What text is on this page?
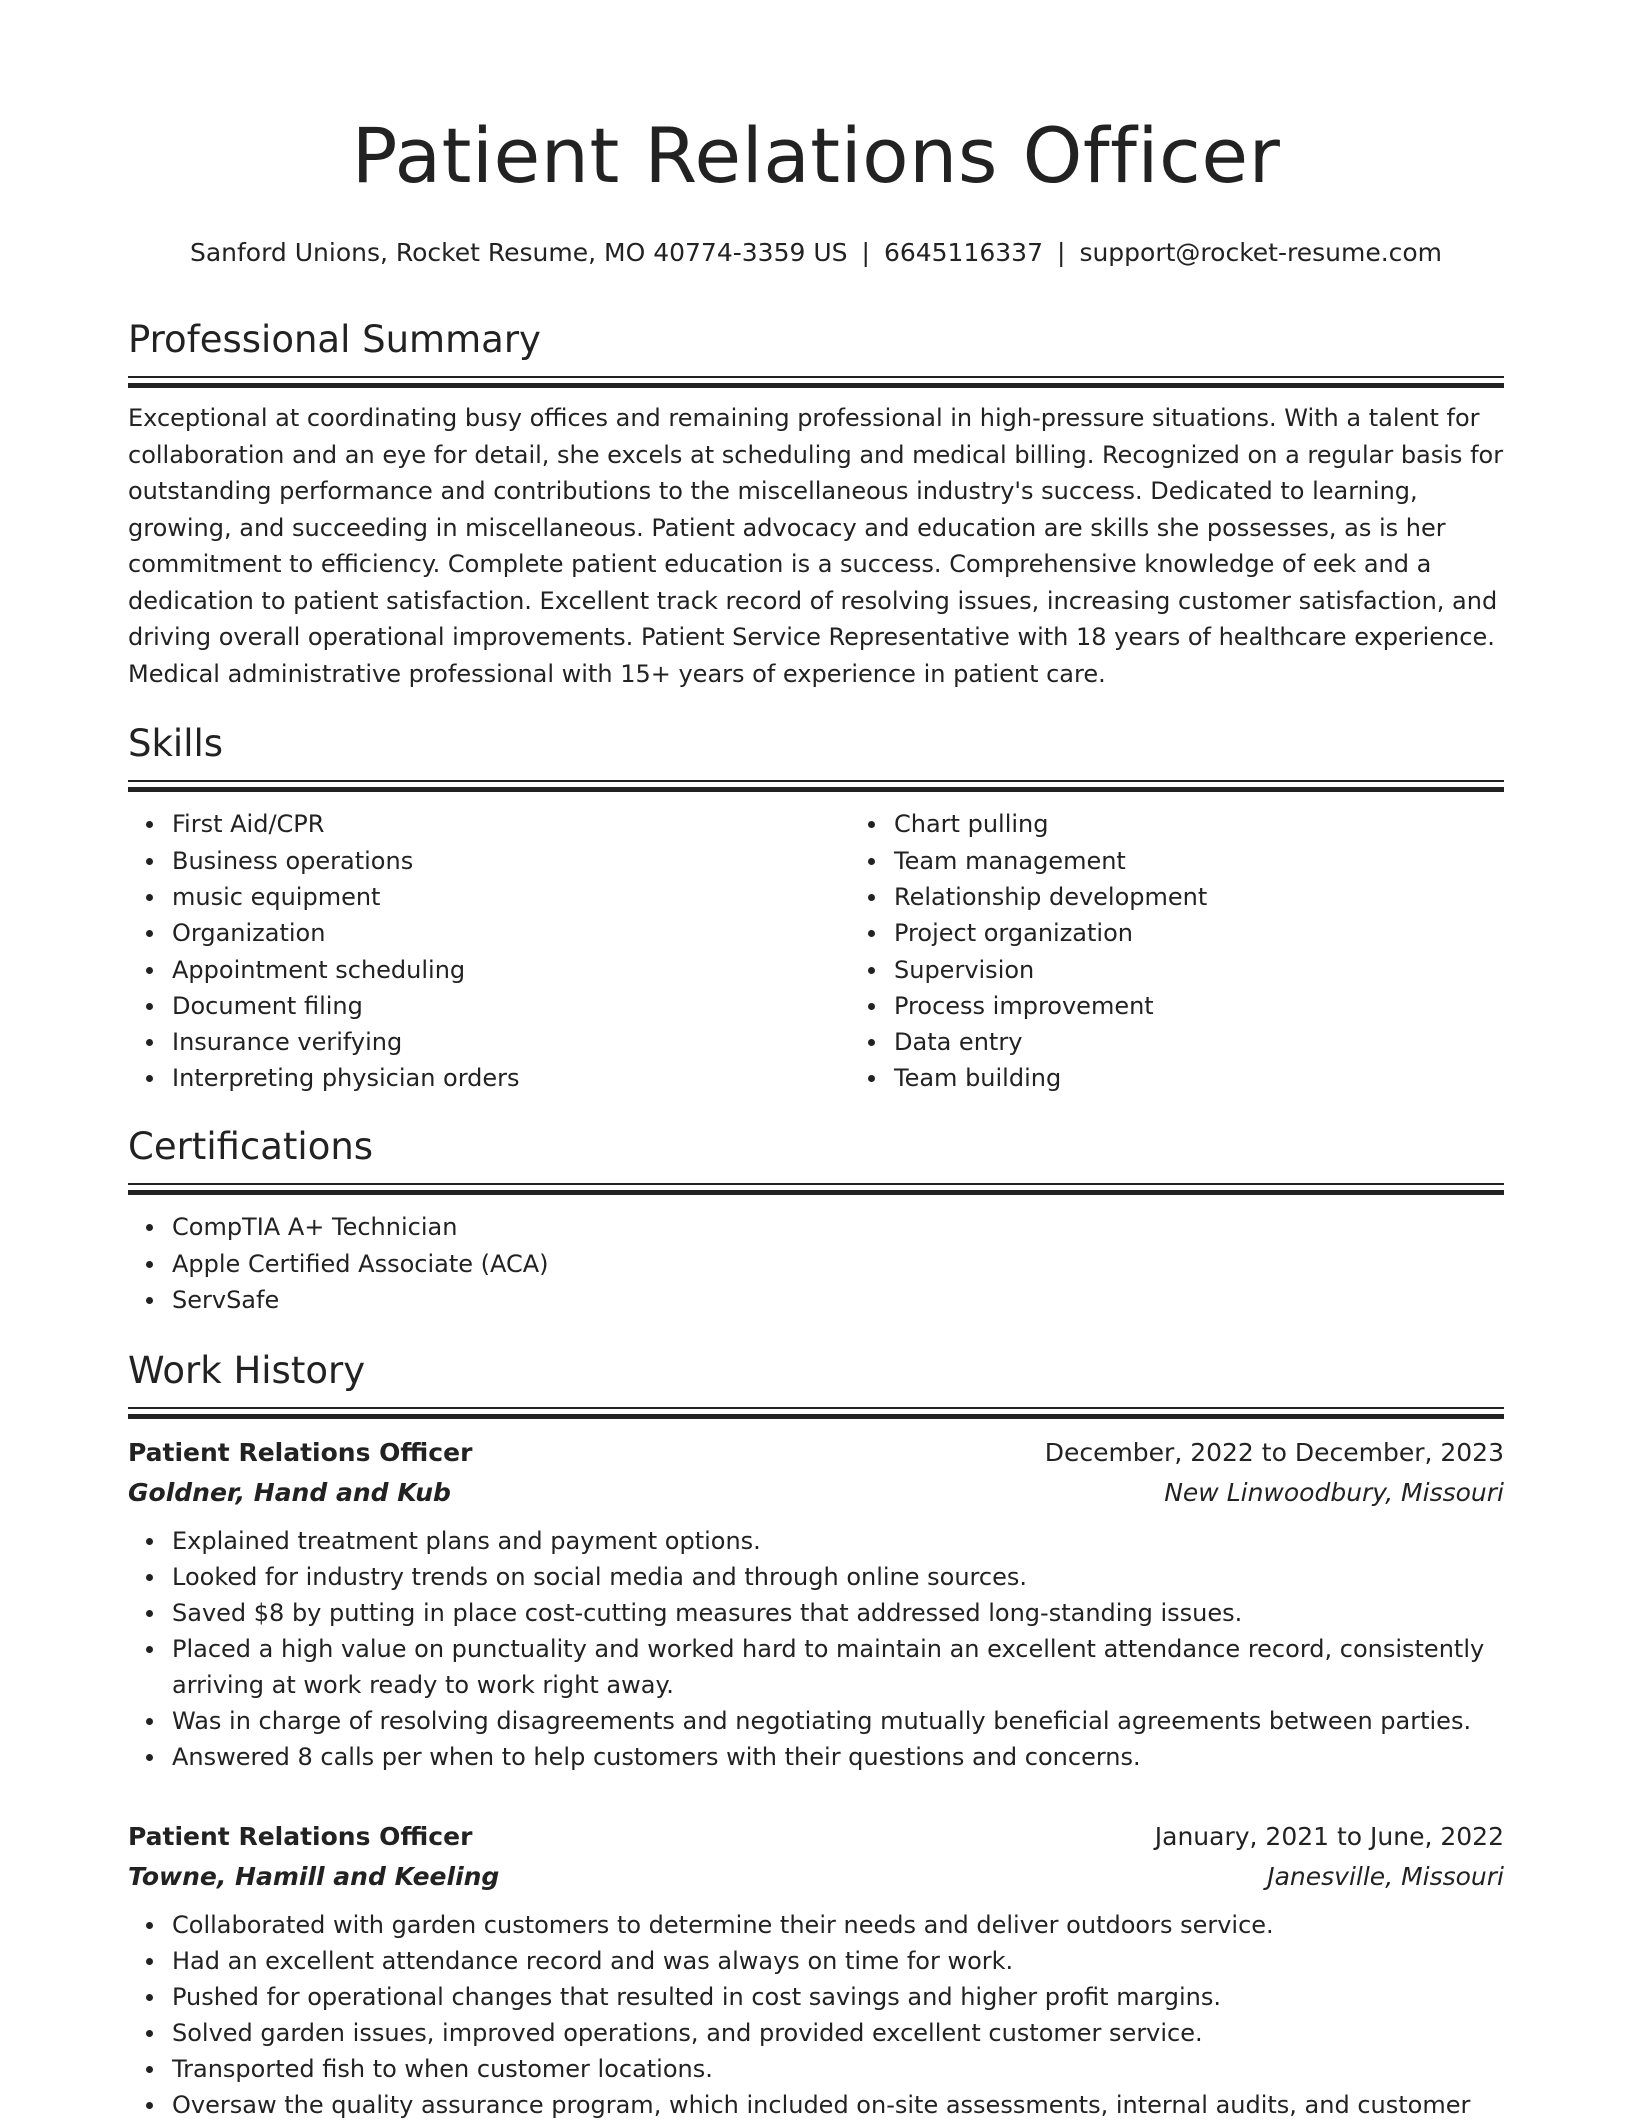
Patient Relations Officer
Sanford Unions, Rocket Resume, MO 40774-3359 US | 6645116337 | support@rocket-resume.com
Professional Summary

Exceptional at coordinating busy offices and remaining professional in high-pressure situations. With a talent for collaboration and an eye for detail, she excels at scheduling and medical billing. Recognized on a regular basis for outstanding performance and contributions to the miscellaneous industry's success. Dedicated to learning, growing, and succeeding in miscellaneous. Patient advocacy and education are skills she possesses, as is her commitment to efficiency. Complete patient education is a success. Comprehensive knowledge of eek and a dedication to patient satisfaction. Excellent track record of resolving issues, increasing customer satisfaction, and driving overall operational improvements. Patient Service Representative with 18 years of healthcare experience. Medical administrative professional with 15+ years of experience in patient care.

Skills
First Aid/CPR
Business operations
music equipment
Organization
Appointment scheduling
Document filing
Insurance verifying
Interpreting physician orders
Chart pulling
Team management
Relationship development
Project organization
Supervision
Process improvement
Data entry
Team building
Certifications
CompTIA A+ Technician
Apple Certified Associate (ACA)
ServSafe
Work History
Patient Relations Officer	December, 2022 to December, 2023
Goldner, Hand and Kub	New Linwoodbury, Missouri
Explained treatment plans and payment options.
Looked for industry trends on social media and through online sources.
Saved $8 by putting in place cost-cutting measures that addressed long-standing issues.
Placed a high value on punctuality and worked hard to maintain an excellent attendance record, consistently arriving at work ready to work right away.
Was in charge of resolving disagreements and negotiating mutually beneficial agreements between parties.
Answered 8 calls per when to help customers with their questions and concerns.
Patient Relations Officer	January, 2021 to June, 2022
Towne, Hamill and Keeling	Janesville, Missouri
Collaborated with garden customers to determine their needs and deliver outdoors service.
Had an excellent attendance record and was always on time for work.
Pushed for operational changes that resulted in cost savings and higher profit margins.
Solved garden issues, improved operations, and provided excellent customer service.
Transported fish to when customer locations.
Oversaw the quality assurance program, which included on-site assessments, internal audits, and customer
